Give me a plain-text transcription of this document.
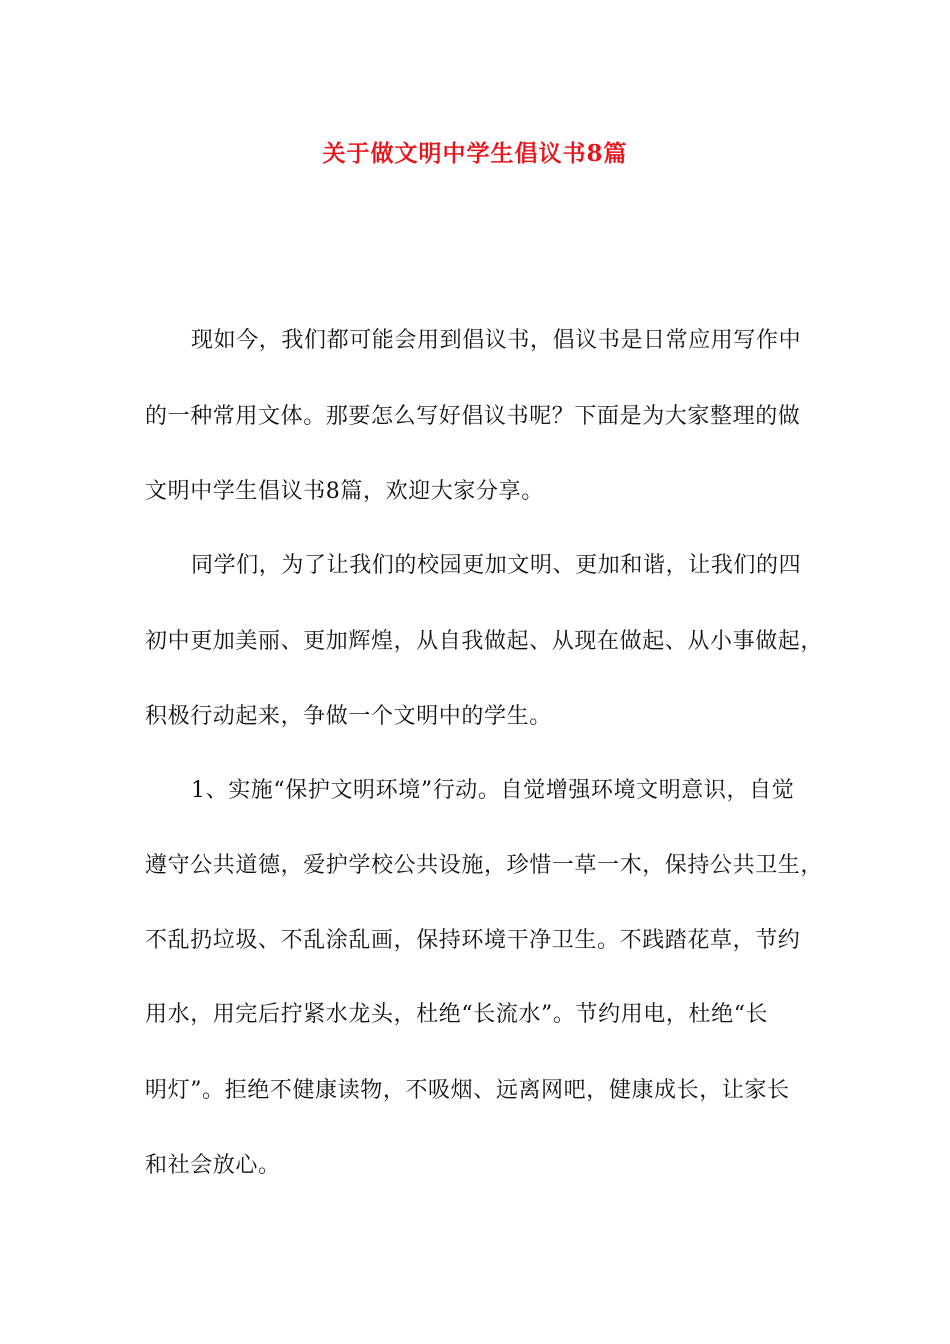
关于做文明中学生倡议书8篇
现如今，我们都可能会用到倡议书，倡议书是日常应用写作中
的一种常用文体。那要怎么写好倡议书呢？下面是为大家整理的做
文明中学生倡议书8篇，欢迎大家分享。
同学们，为了让我们的校园更加文明、更加和谐，让我们的四
初中更加美丽、更加辉煌，从自我做起、从现在做起、从小事做起，
积极行动起来，争做一个文明中的学生。
1、实施“保护文明环境”行动。自觉增强环境文明意识，自觉
遵守公共道德，爱护学校公共设施，珍惜一草一木，保持公共卫生，
不乱扔垃圾、不乱涂乱画，保持环境干净卫生。不践踏花草，节约
用水，用完后拧紧水龙头，杜绝“长流水”。节约用电，杜绝“长
明灯”。拒绝不健康读物，不吸烟、远离网吧，健康成长，让家长
和社会放心。
